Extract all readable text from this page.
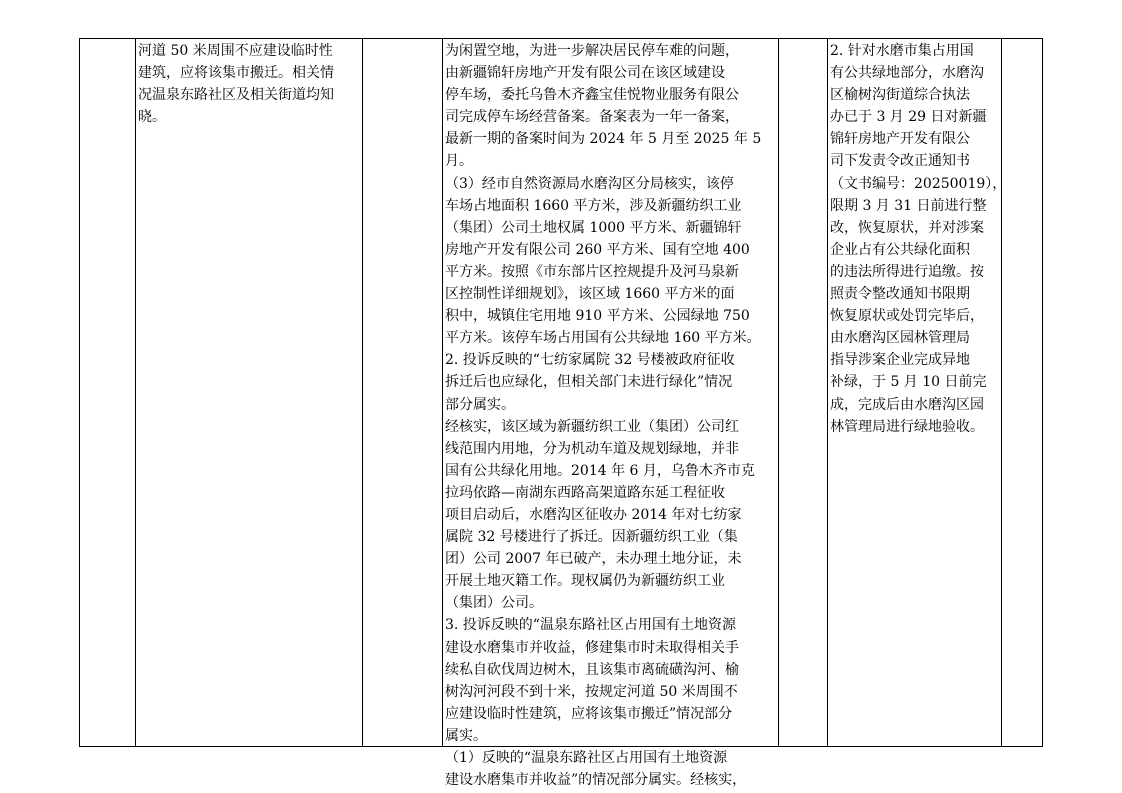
河道 50 米周围不应建设临时性

建筑，应将该集市搬迁。相关情

况温泉东路社区及相关街道均知

晓。

为闲置空地，为进一步解决居民停车难的问题，

由新疆锦轩房地产开发有限公司在该区域建设

停车场，委托乌鲁木齐鑫宝佳悦物业服务有限公

司完成停车场经营备案。备案表为一年一备案，

最新一期的备案时间为 2024 年 5 月至 2025 年 5

月。

（3）经市自然资源局水磨沟区分局核实，该停

车场占地面积 1660 平方米，涉及新疆纺织工业

（集团）公司土地权属 1000 平方米、新疆锦轩

房地产开发有限公司 260 平方米、国有空地 400

平方米。按照《市东部片区控规提升及河马泉新

区控制性详细规划》，该区域 1660 平方米的面

积中，城镇住宅用地 910 平方米、公园绿地 750

平方米。该停车场占用国有公共绿地 160 平方米。

2. 投诉反映的“七纺家属院 32 号楼被政府征收

拆迁后也应绿化，但相关部门未进行绿化”情况

部分属实。

经核实，该区域为新疆纺织工业（集团）公司红

线范围内用地，分为机动车道及规划绿地，并非

国有公共绿化用地。2014 年 6 月，乌鲁木齐市克

拉玛依路—南湖东西路高架道路东延工程征收

项目启动后，水磨沟区征收办 2014 年对七纺家

属院 32 号楼进行了拆迁。因新疆纺织工业（集

团）公司 2007 年已破产，未办理土地分证，未

开展土地灭籍工作。现权属仍为新疆纺织工业

（集团）公司。

3. 投诉反映的“温泉东路社区占用国有土地资源

建设水磨集市并收益，修建集市时未取得相关手

续私自砍伐周边树木，且该集市离硫磺沟河、榆

树沟河河段不到十米，按规定河道 50 米周围不

应建设临时性建筑，应将该集市搬迁”情况部分

属实。

（1）反映的“温泉东路社区占用国有土地资源

建设水磨集市并收益”的情况部分属实。经核实，

2. 针对水磨市集占用国

有公共绿地部分，水磨沟

区榆树沟街道综合执法

办已于 3 月 29 日对新疆

锦轩房地产开发有限公

司下发责令改正通知书

（文书编号：20250019），

限期 3 月 31 日前进行整

改，恢复原状，并对涉案

企业占有公共绿化面积

的违法所得进行追缴。按

照责令整改通知书限期

恢复原状或处罚完毕后，

由水磨沟区园林管理局

指导涉案企业完成异地

补绿，于 5 月 10 日前完

成，完成后由水磨沟区园

林管理局进行绿地验收。
